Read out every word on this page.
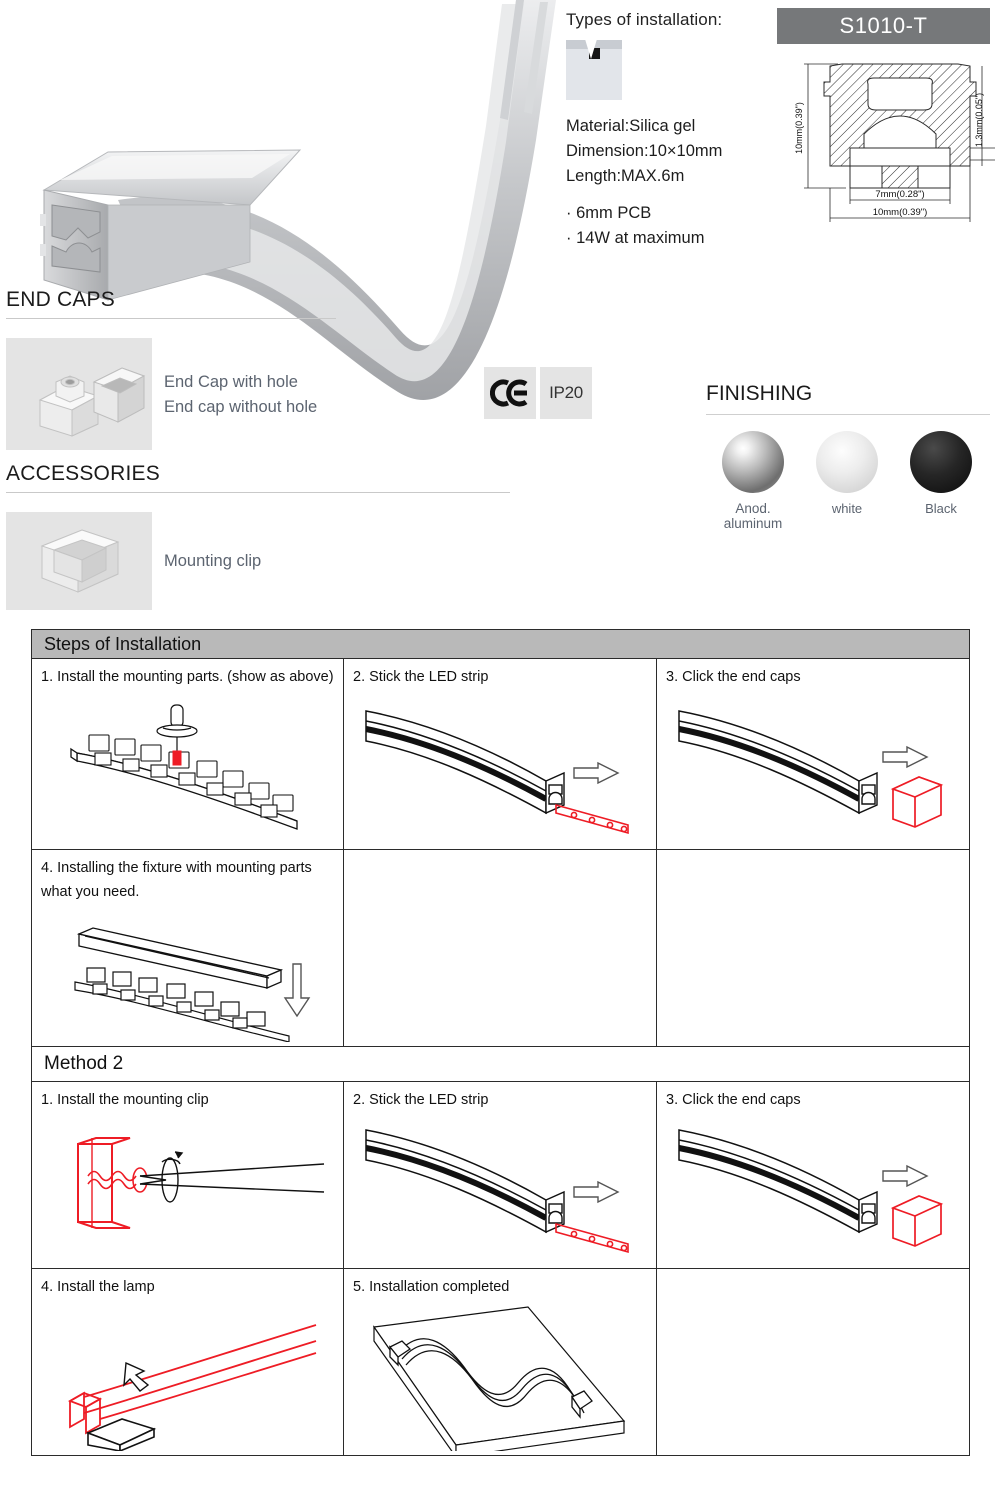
Types of installation:
Material:Silica gel
Dimension:10×10mm
Length:MAX.6m
· 6mm PCB
· 14W at maximum
S1010-T
10mm(0.39")	1.3mm(0.05")
7mm(0.28")
10mm(0.39")
END CAPS
End Cap with hole
End cap without hole
IP20
ACCESSORIES
Mounting clip
FINISHING
Anod. aluminum
white	Black
Steps of Installation		

1. Install the mounting parts. (show as above)	2. Stick the LED strip	3. Click the end caps

4. Installing the fixture with mounting parts what you need.		

Method 2		

1. Install the mounting clip	2. Stick the LED strip	3. Click the end caps

4. Install the lamp	5. Installation completed	
